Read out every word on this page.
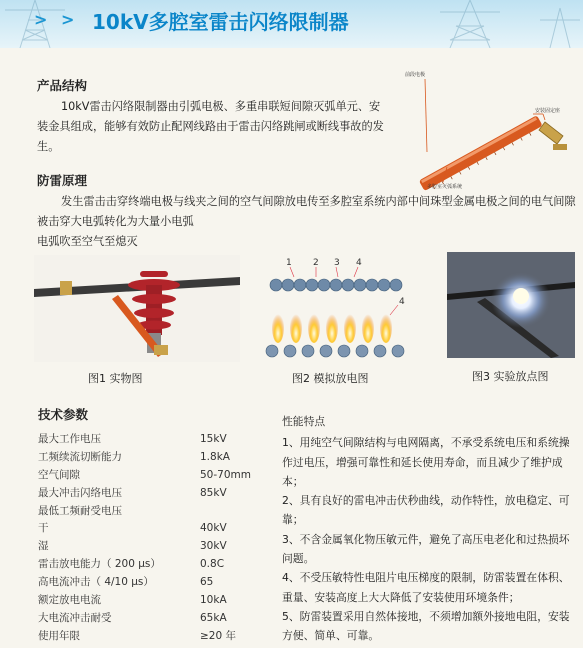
> > 10kV多腔室雷击闪络限制器
产品结构
10kV雷击闪络限制器由引弧电极、多重串联短间隙灭弧单元、安装金具组成，能够有效防止配网线路由于雷击闪络跳闸或断线事故的发生。
前段电极
安装固定座
多腔室灭弧系统
防雷原理
发生雷击击穿终端电极与线夹之间的空气间隙放电传至多腔室系统内部中间珠型金属电极之间的电气间隙被击穿大电弧转化为大量小电弧
电弧吹至空气至熄灭
图1 实物图
1 2 3 4
4
图2 模拟放电图	图3 实验放点图
技术参数
最大工作电压	15kV
工频续流切断能力	1.8kA
空气间隙	50-70mm
最大冲击闪络电压	85kV
最低工频耐受电压
干	40kV
湿	30kV
雷击放电能力（ 200 μs）	0.8C
高电流冲击（ 4/10 μs）	65
额定放电电流	10kA
大电流冲击耐受	65kA
使用年限	≥20 年
性能特点
1、用纯空气间隙结构与电网隔离，不承受系统电压和系统操作过电压，增强可靠性和延长使用寿命，而且减少了维护成本；
2、具有良好的雷电冲击伏秒曲线，动作特性，放电稳定、可靠；
3、不含金属氧化物压敏元件，避免了高压电老化和过热损坏问题。
4、不受压敏特性电阻片电压梯度的限制，防雷装置在体积、重量、安装高度上大大降低了安装使用环境条件；
5、防雷装置采用自然体接地，不须增加额外接地电阻，安装方便、简单、可靠。
